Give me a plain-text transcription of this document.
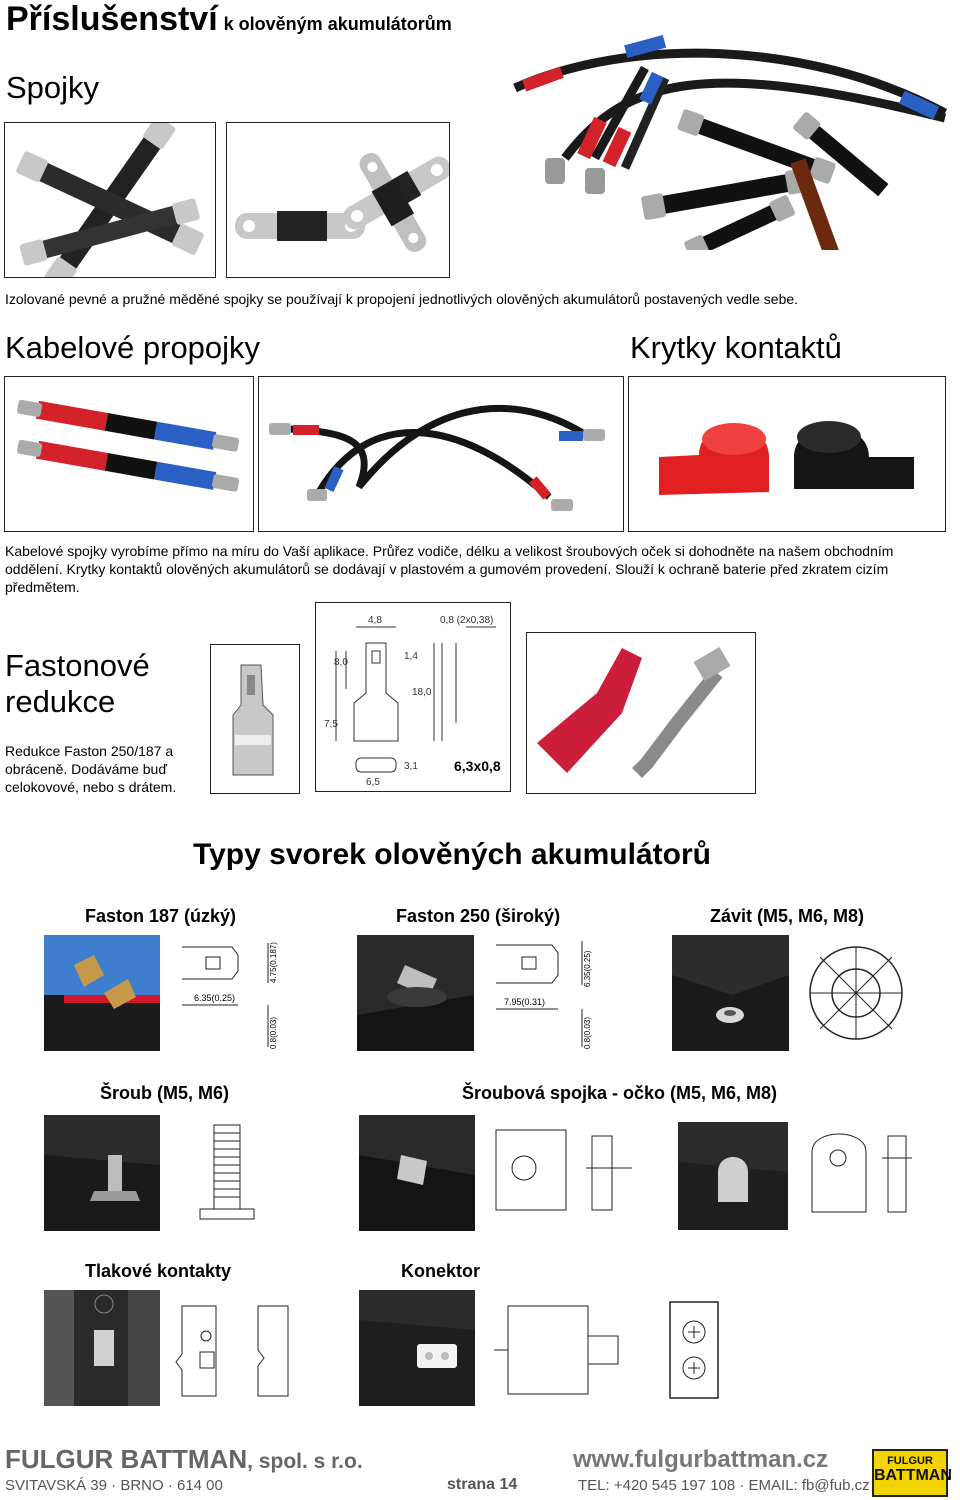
Příslušenství k olověným akumulátorům
Spojky
Izolované pevné a pružné měděné spojky se používají k propojení jednotlivých olověných akumulátorů postavených vedle sebe.
Kabelové propojky	Krytky kontaktů
Kabelové spojky vyrobíme přímo na míru do Vaší aplikace. Průřez vodiče, délku a velikost šroubových oček si dohodněte na našem obchodním oddělení. Krytky kontaktů olověných akumulátorů se dodávají v plastovém a gumovém provedení. Slouží k ochraně baterie před zkratem cizím předmětem.
Fastonové
redukce
Redukce Faston 250/187 a obráceně. Dodáváme buď celokovové, nebo s drátem.
4,8	0,8 (2x0,38)
8,0
1,4
18,0
7,5
3,1
6,5
6,3x0,8
Typy svorek olověných akumulátorů
Faston 187 (úzký)	Faston 250 (široký)	Závit (M5, M6, M8)
6.35(0.25)
4.75(0.187)
0.8(0.03)
7.95(0.31)
6.35(0.25)
0.8(0.03)
Šroub (M5, M6)	Šroubová spojka - očko (M5, M6, M8)
Tlakové kontakty	Konektor
FULGUR BATTMAN, spol. s r.o.
SVITAVSKÁ 39 · BRNO · 614 00	strana 14
www.fulgurbattman.cz
TEL: +420 545 197 108 · EMAIL: fb@fub.cz
FULGUR
BATTMAN
